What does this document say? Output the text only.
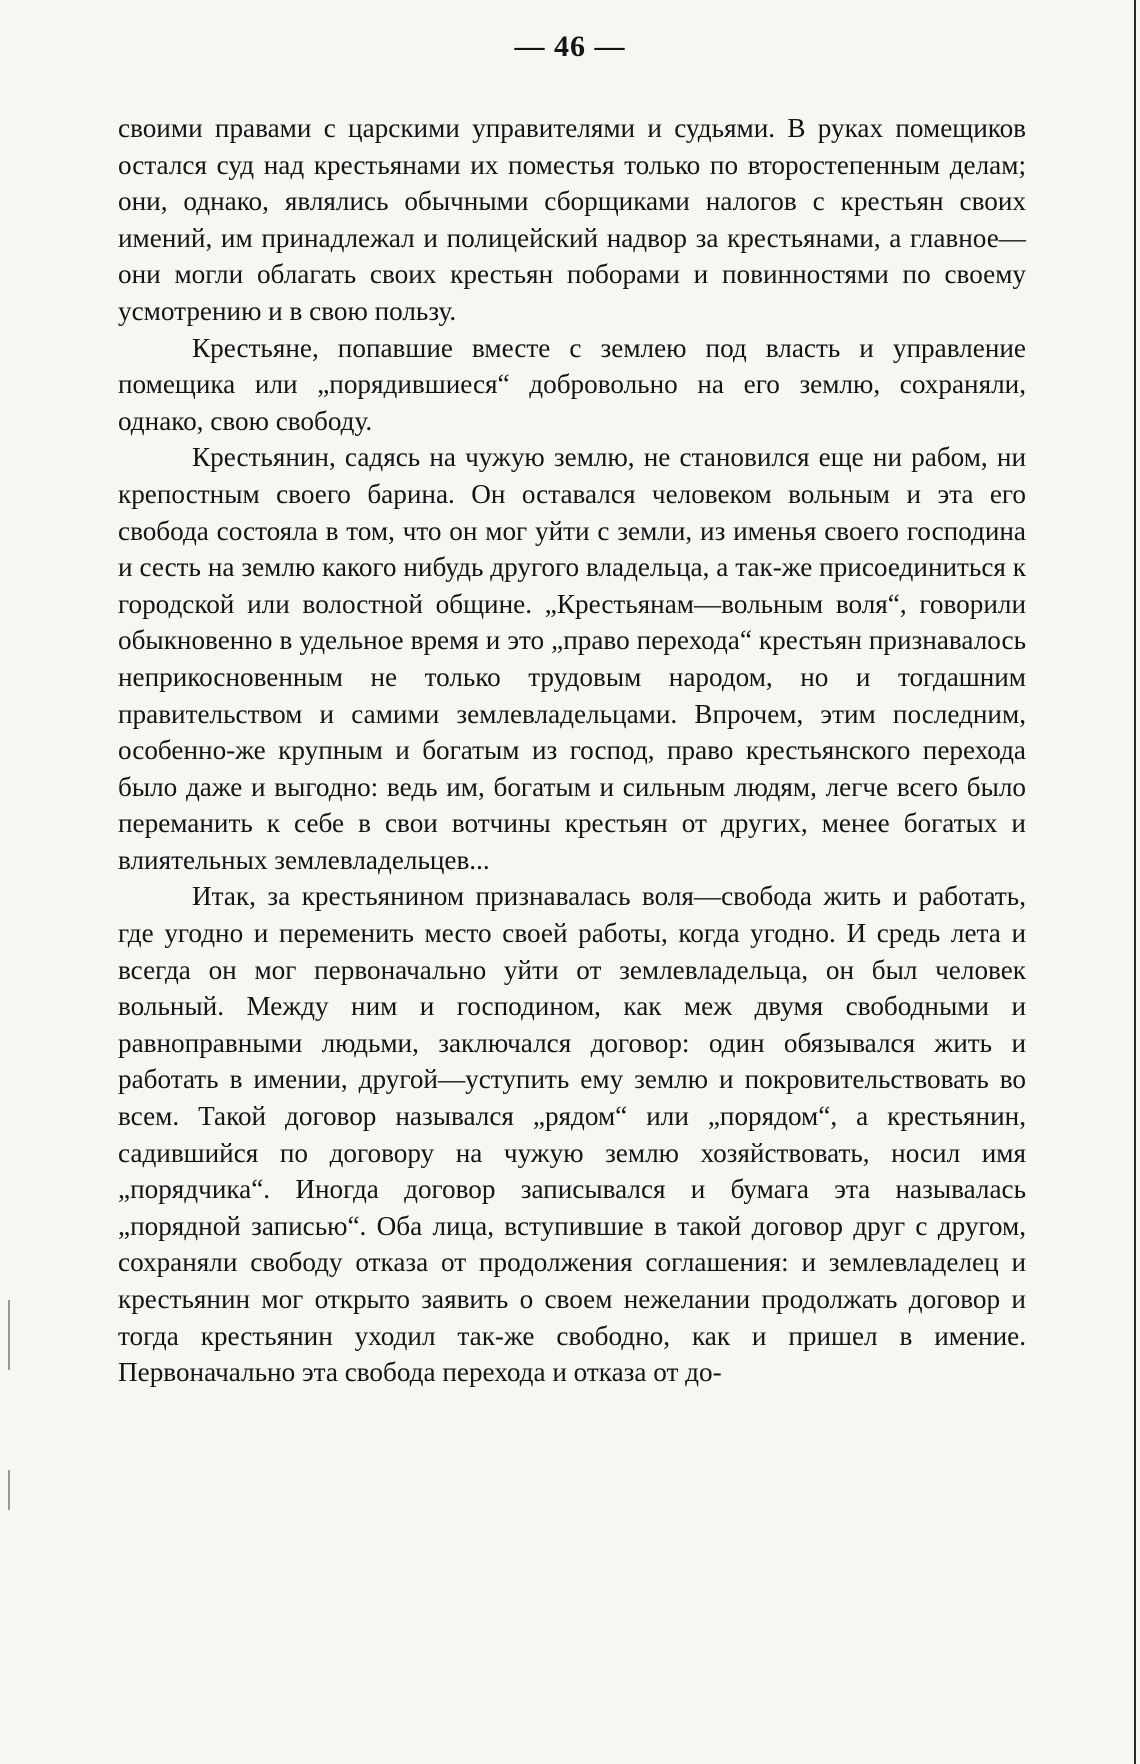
— 46 —

своими правами с царскими управителями и судьями. В руках помещиков остался суд над крестьянами их поместья только по второстепенным делам; они, однако, являлись обычными сборщиками налогов с крестьян своих имений, им принадлежал и полицейский надвор за крестьянами, а главное—они могли облагать своих крестьян поборами и повинностями по своему усмотрению и в свою пользу.

Крестьяне, попавшие вместе с землею под власть и управление помещика или „порядившиеся“ добровольно на его землю, сохраняли, однако, свою свободу.

Крестьянин, садясь на чужую землю, не становился еще ни рабом, ни крепостным своего барина. Он оставался человеком вольным и эта его свобода состояла в том, что он мог уйти с земли, из именья своего господина и сесть на землю какого нибудь другого владельца, а так-же присоединиться к городской или волостной общине. „Крестьянам—вольным воля“, говорили обыкновенно в удельное время и это „право перехода“ крестьян признавалось неприкосновенным не только трудовым народом, но и тогдашним правительством и самими землевладельцами. Впрочем, этим последним, особенно-же крупным и богатым из господ, право крестьянского перехода было даже и выгодно: ведь им, богатым и сильным людям, легче всего было переманить к себе в свои вотчины крестьян от других, менее богатых и влиятельных землевладельцев...

Итак, за крестьянином признавалась воля—свобода жить и работать, где угодно и переменить место своей работы, когда угодно. И средь лета и всегда он мог первоначально уйти от землевладельца, он был человек вольный. Между ним и господином, как меж двумя свободными и равноправными людьми, заключался договор: один обязывался жить и работать в имении, другой—уступить ему землю и покровительствовать во всем. Такой договор назывался „рядом“ или „порядом“, а крестьянин, садившийся по договору на чужую землю хозяйствовать, носил имя „порядчика“. Иногда договор записывался и бумага эта называлась „порядной записью“. Оба лица, вступившие в такой договор друг с другом, сохраняли свободу отказа от продолжения соглашения: и землевладелец и крестьянин мог открыто заявить о своем нежелании продолжать договор и тогда крестьянин уходил так-же свободно, как и пришел в имение. Первоначально эта свобода перехода и отказа от до-
